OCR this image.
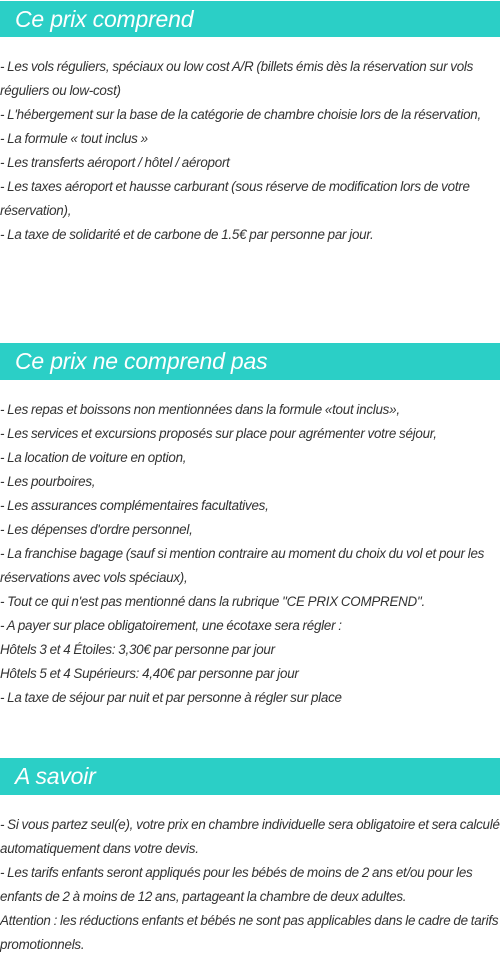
Ce prix comprend

- Les vols réguliers, spéciaux ou low cost A/R (billets émis dès la réservation sur vols réguliers ou low-cost)

- L'hébergement sur la base de la catégorie de chambre choisie lors de la réservation,

- La formule « tout inclus »

- Les transferts aéroport / hôtel / aéroport

- Les taxes aéroport et hausse carburant (sous réserve de modification lors de votre réservation),

- La taxe de solidarité et de carbone de 1.5€ par personne par jour.

Ce prix ne comprend pas

- Les repas et boissons non mentionnées dans la formule «tout inclus»,

- Les services et excursions proposés sur place pour agrémenter votre séjour,

- La location de voiture en option,

- Les pourboires,

- Les assurances complémentaires facultatives,

- Les dépenses d'ordre personnel,

- La franchise bagage (sauf si mention contraire au moment du choix du vol et pour les réservations avec vols spéciaux),

- Tout ce qui n'est pas mentionné dans la rubrique "CE PRIX COMPREND".

- A payer sur place obligatoirement, une écotaxe sera régler :

Hôtels 3 et 4 Étoiles: 3,30€ par personne par jour

Hôtels 5 et 4 Supérieurs: 4,40€ par personne par jour

- La taxe de séjour par nuit et par personne à régler sur place

A savoir

- Si vous partez seul(e), votre prix en chambre individuelle sera obligatoire et sera calculé automatiquement dans votre devis.

- Les tarifs enfants seront appliqués pour les bébés de moins de 2 ans et/ou pour les enfants de 2 à moins de 12 ans, partageant la chambre de deux adultes.

Attention : les réductions enfants et bébés ne sont pas applicables dans le cadre de tarifs promotionnels.
